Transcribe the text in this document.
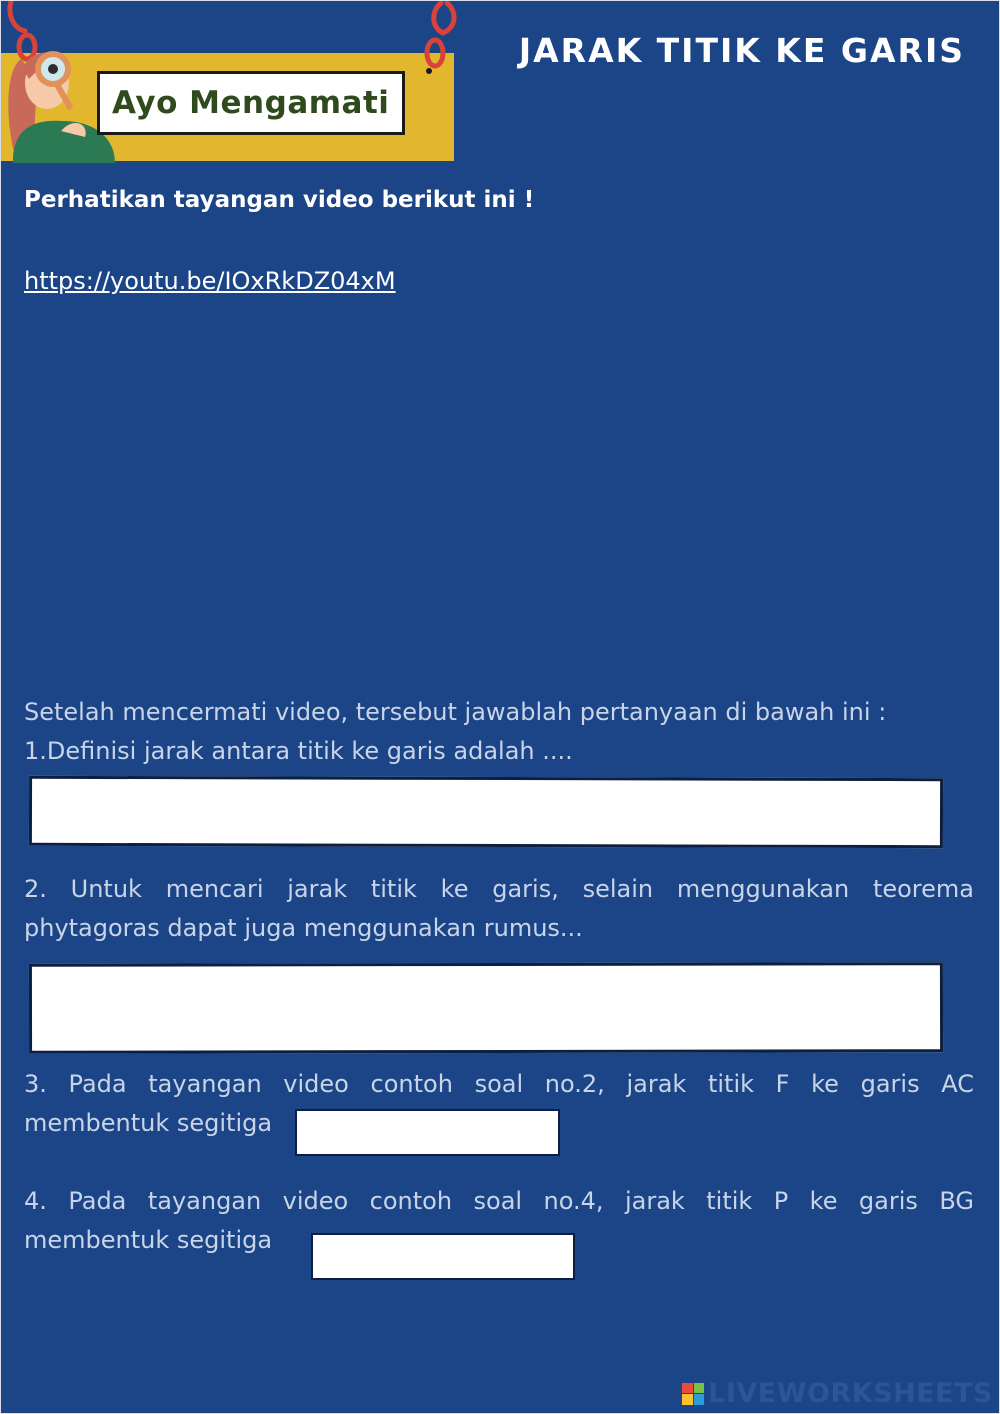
Ayo Mengamati
JARAK TITIK KE GARIS
Perhatikan tayangan video berikut ini !
https://youtu.be/IOxRkDZ04xM
Setelah mencermati video, tersebut jawablah pertanyaan di bawah ini :
1.Definisi jarak antara titik ke garis adalah ....
2. Untuk mencari jarak titik ke garis, selain menggunakan teorema
phytagoras dapat juga menggunakan rumus...
3. Pada tayangan video contoh soal no.2, jarak titik F ke garis AC
membentuk segitiga
4. Pada tayangan video contoh soal no.4, jarak titik P ke garis BG
membentuk segitiga
LIVEWORKSHEETS
